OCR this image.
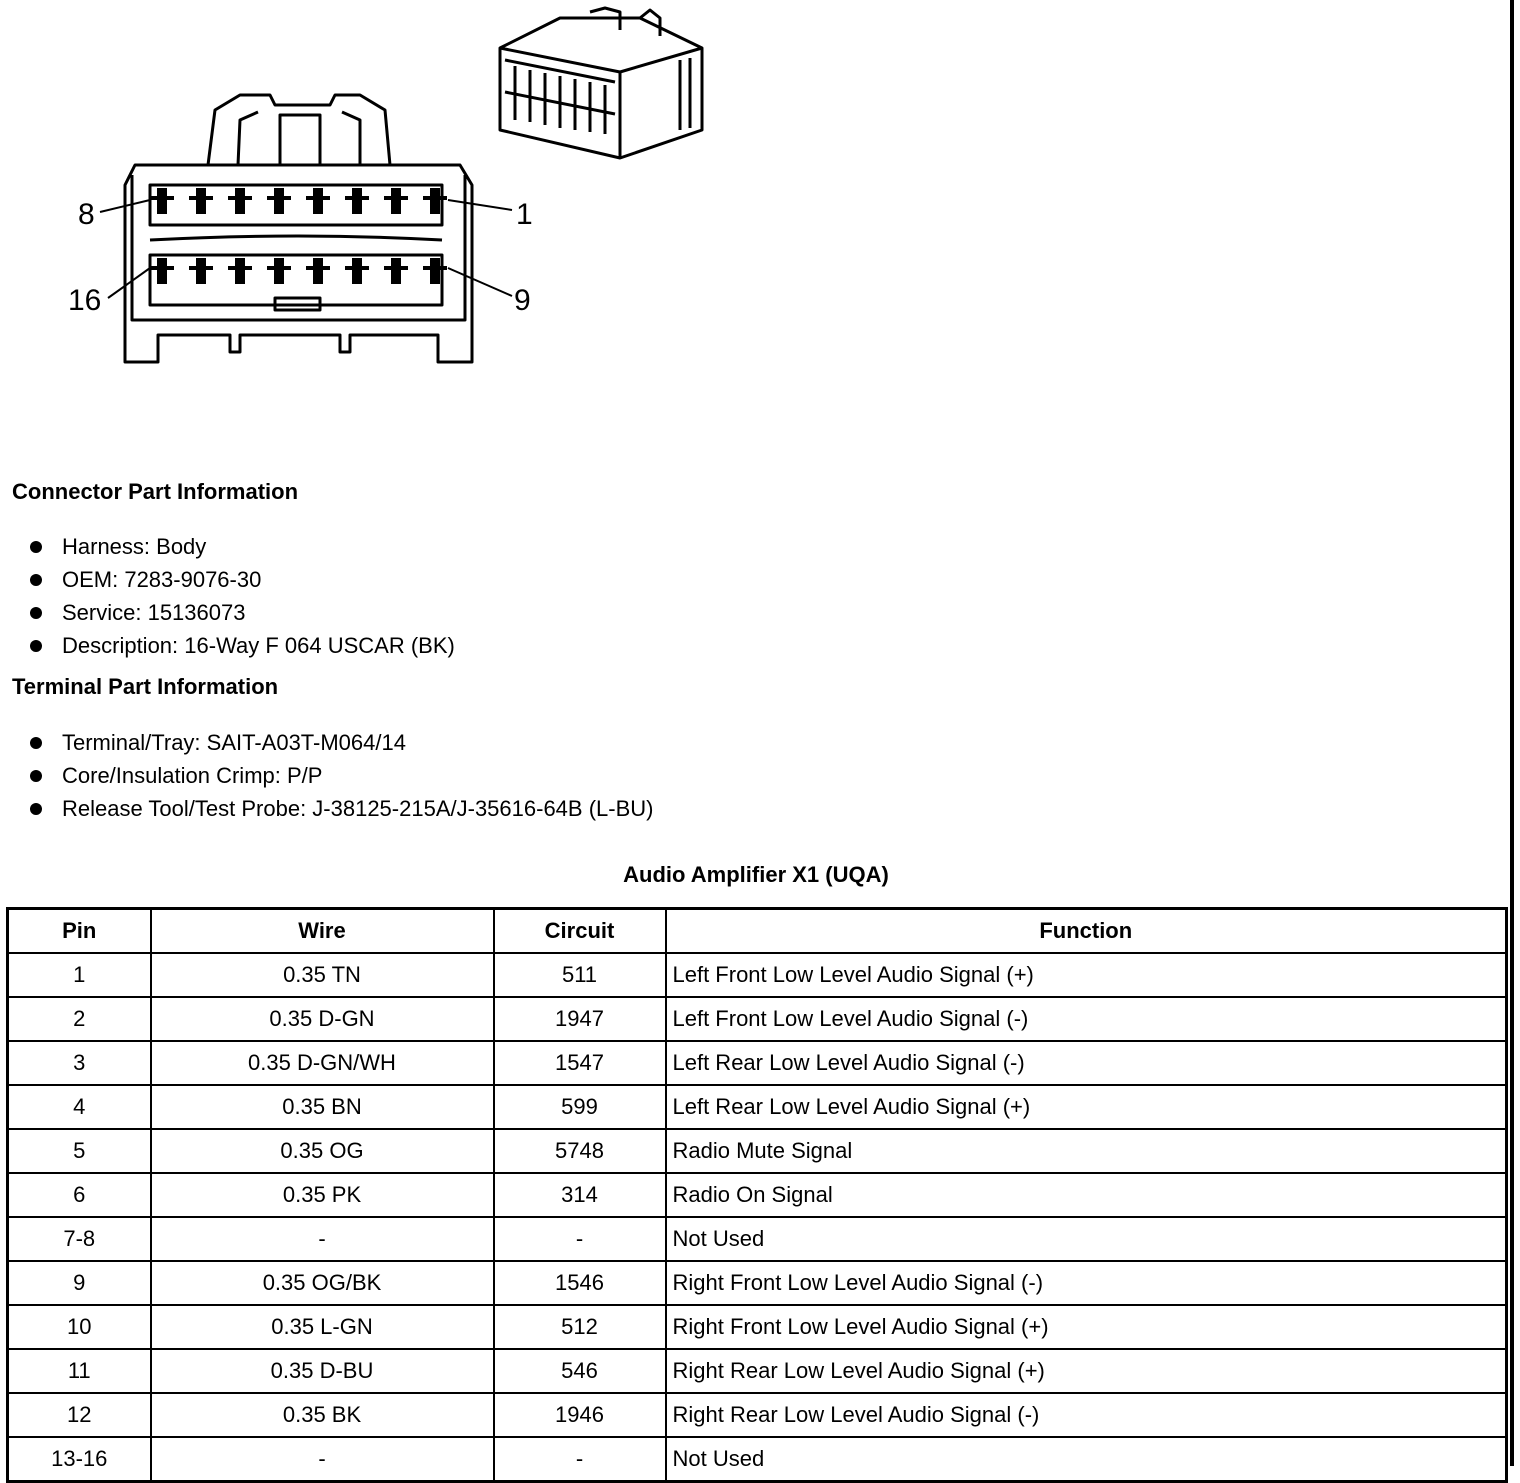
8	1
16	9
Connector Part Information
Harness: Body
OEM: 7283-9076-30
Service: 15136073
Description: 16-Way F 064 USCAR (BK)
Terminal Part Information
Terminal/Tray: SAIT-A03T-M064/14
Core/Insulation Crimp: P/P
Release Tool/Test Probe: J-38125-215A/J-35616-64B (L-BU)
Audio Amplifier X1 (UQA)
Pin	Wire	Circuit	Function
1	0.35 TN	511	Left Front Low Level Audio Signal (+)
2	0.35 D-GN	1947	Left Front Low Level Audio Signal (-)
3	0.35 D-GN/WH	1547	Left Rear Low Level Audio Signal (-)
4	0.35 BN	599	Left Rear Low Level Audio Signal (+)
5	0.35 OG	5748	Radio Mute Signal
6	0.35 PK	314	Radio On Signal
7-8	-	-	Not Used
9	0.35 OG/BK	1546	Right Front Low Level Audio Signal (-)
10	0.35 L-GN	512	Right Front Low Level Audio Signal (+)
11	0.35 D-BU	546	Right Rear Low Level Audio Signal (+)
12	0.35 BK	1946	Right Rear Low Level Audio Signal (-)
13-16	-	-	Not Used
